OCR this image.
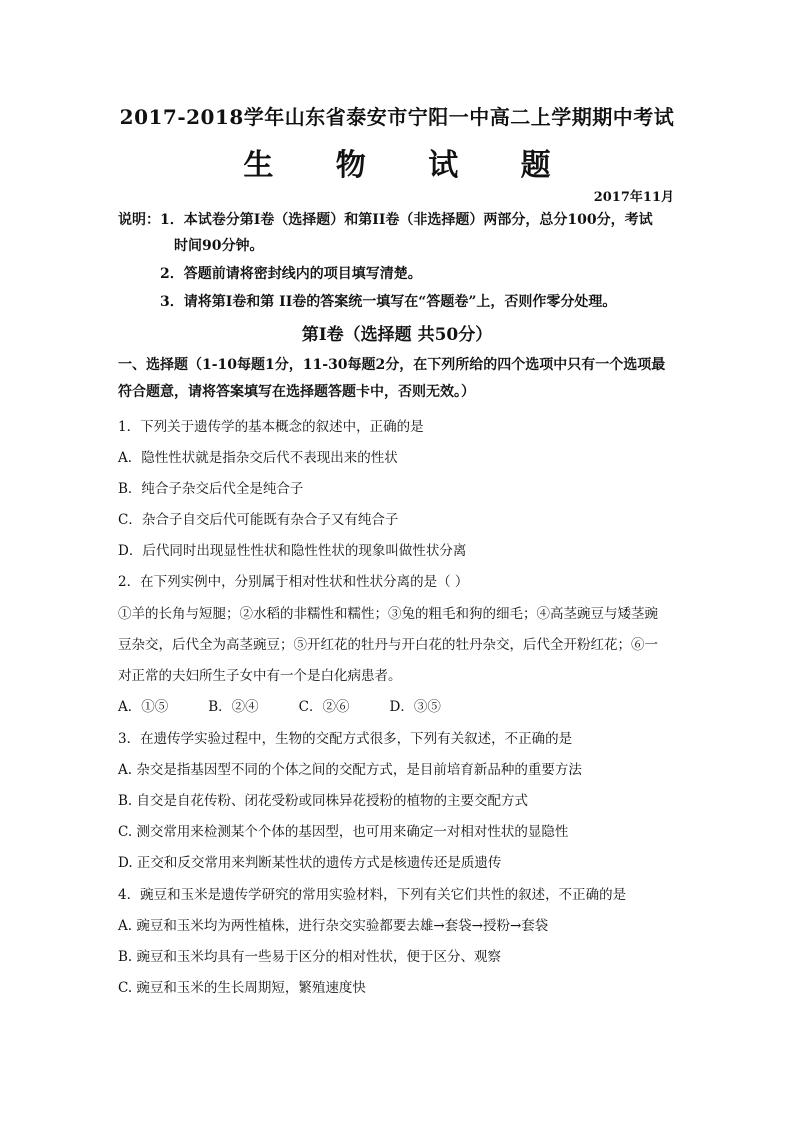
2017-2018学年山东省泰安市宁阳一中高二上学期期中考试
生 物 试 题
2017年11月
说明：1．本试卷分第Ⅰ卷（选择题）和第II卷（非选择题）两部分，总分100分，考试
时间90分钟。
2．答题前请将密封线内的项目填写清楚。
3．请将第Ⅰ卷和第 II卷的答案统一填写在“答题卷”上，否则作零分处理。
第Ⅰ卷（选择题 共50分）
一、选择题（1-10每题1分，11-30每题2分，在下列所给的四个选项中只有一个选项最
符合题意，请将答案填写在选择题答题卡中，否则无效。）
1．下列关于遗传学的基本概念的叙述中，正确的是
A．隐性性状就是指杂交后代不表现出来的性状
B．纯合子杂交后代全是纯合子
C．杂合子自交后代可能既有杂合子又有纯合子
D．后代同时出现显性性状和隐性性状的现象叫做性状分离
2．在下列实例中，分别属于相对性状和性状分离的是（ ）
①羊的长角与短腿；②水稻的非糯性和糯性；③兔的粗毛和狗的细毛；④高茎豌豆与矮茎豌
豆杂交，后代全为高茎豌豆；⑤开红花的牡丹与开白花的牡丹杂交，后代全开粉红花；⑥一
对正常的夫妇所生子女中有一个是白化病患者。
A．①⑤	B．②④	C．②⑥	D．③⑤
3．在遗传学实验过程中，生物的交配方式很多，下列有关叙述，不正确的是
A. 杂交是指基因型不同的个体之间的交配方式，是目前培育新品种的重要方法
B. 自交是自花传粉、闭花受粉或同株异花授粉的植物的主要交配方式
C. 测交常用来检测某个个体的基因型，也可用来确定一对相对性状的显隐性
D. 正交和反交常用来判断某性状的遗传方式是核遗传还是质遗传
4．豌豆和玉米是遗传学研究的常用实验材料，下列有关它们共性的叙述，不正确的是
A. 豌豆和玉米均为两性植株，进行杂交实验都要去雄→套袋→授粉→套袋
B. 豌豆和玉米均具有一些易于区分的相对性状，便于区分、观察
C. 豌豆和玉米的生长周期短，繁殖速度快
